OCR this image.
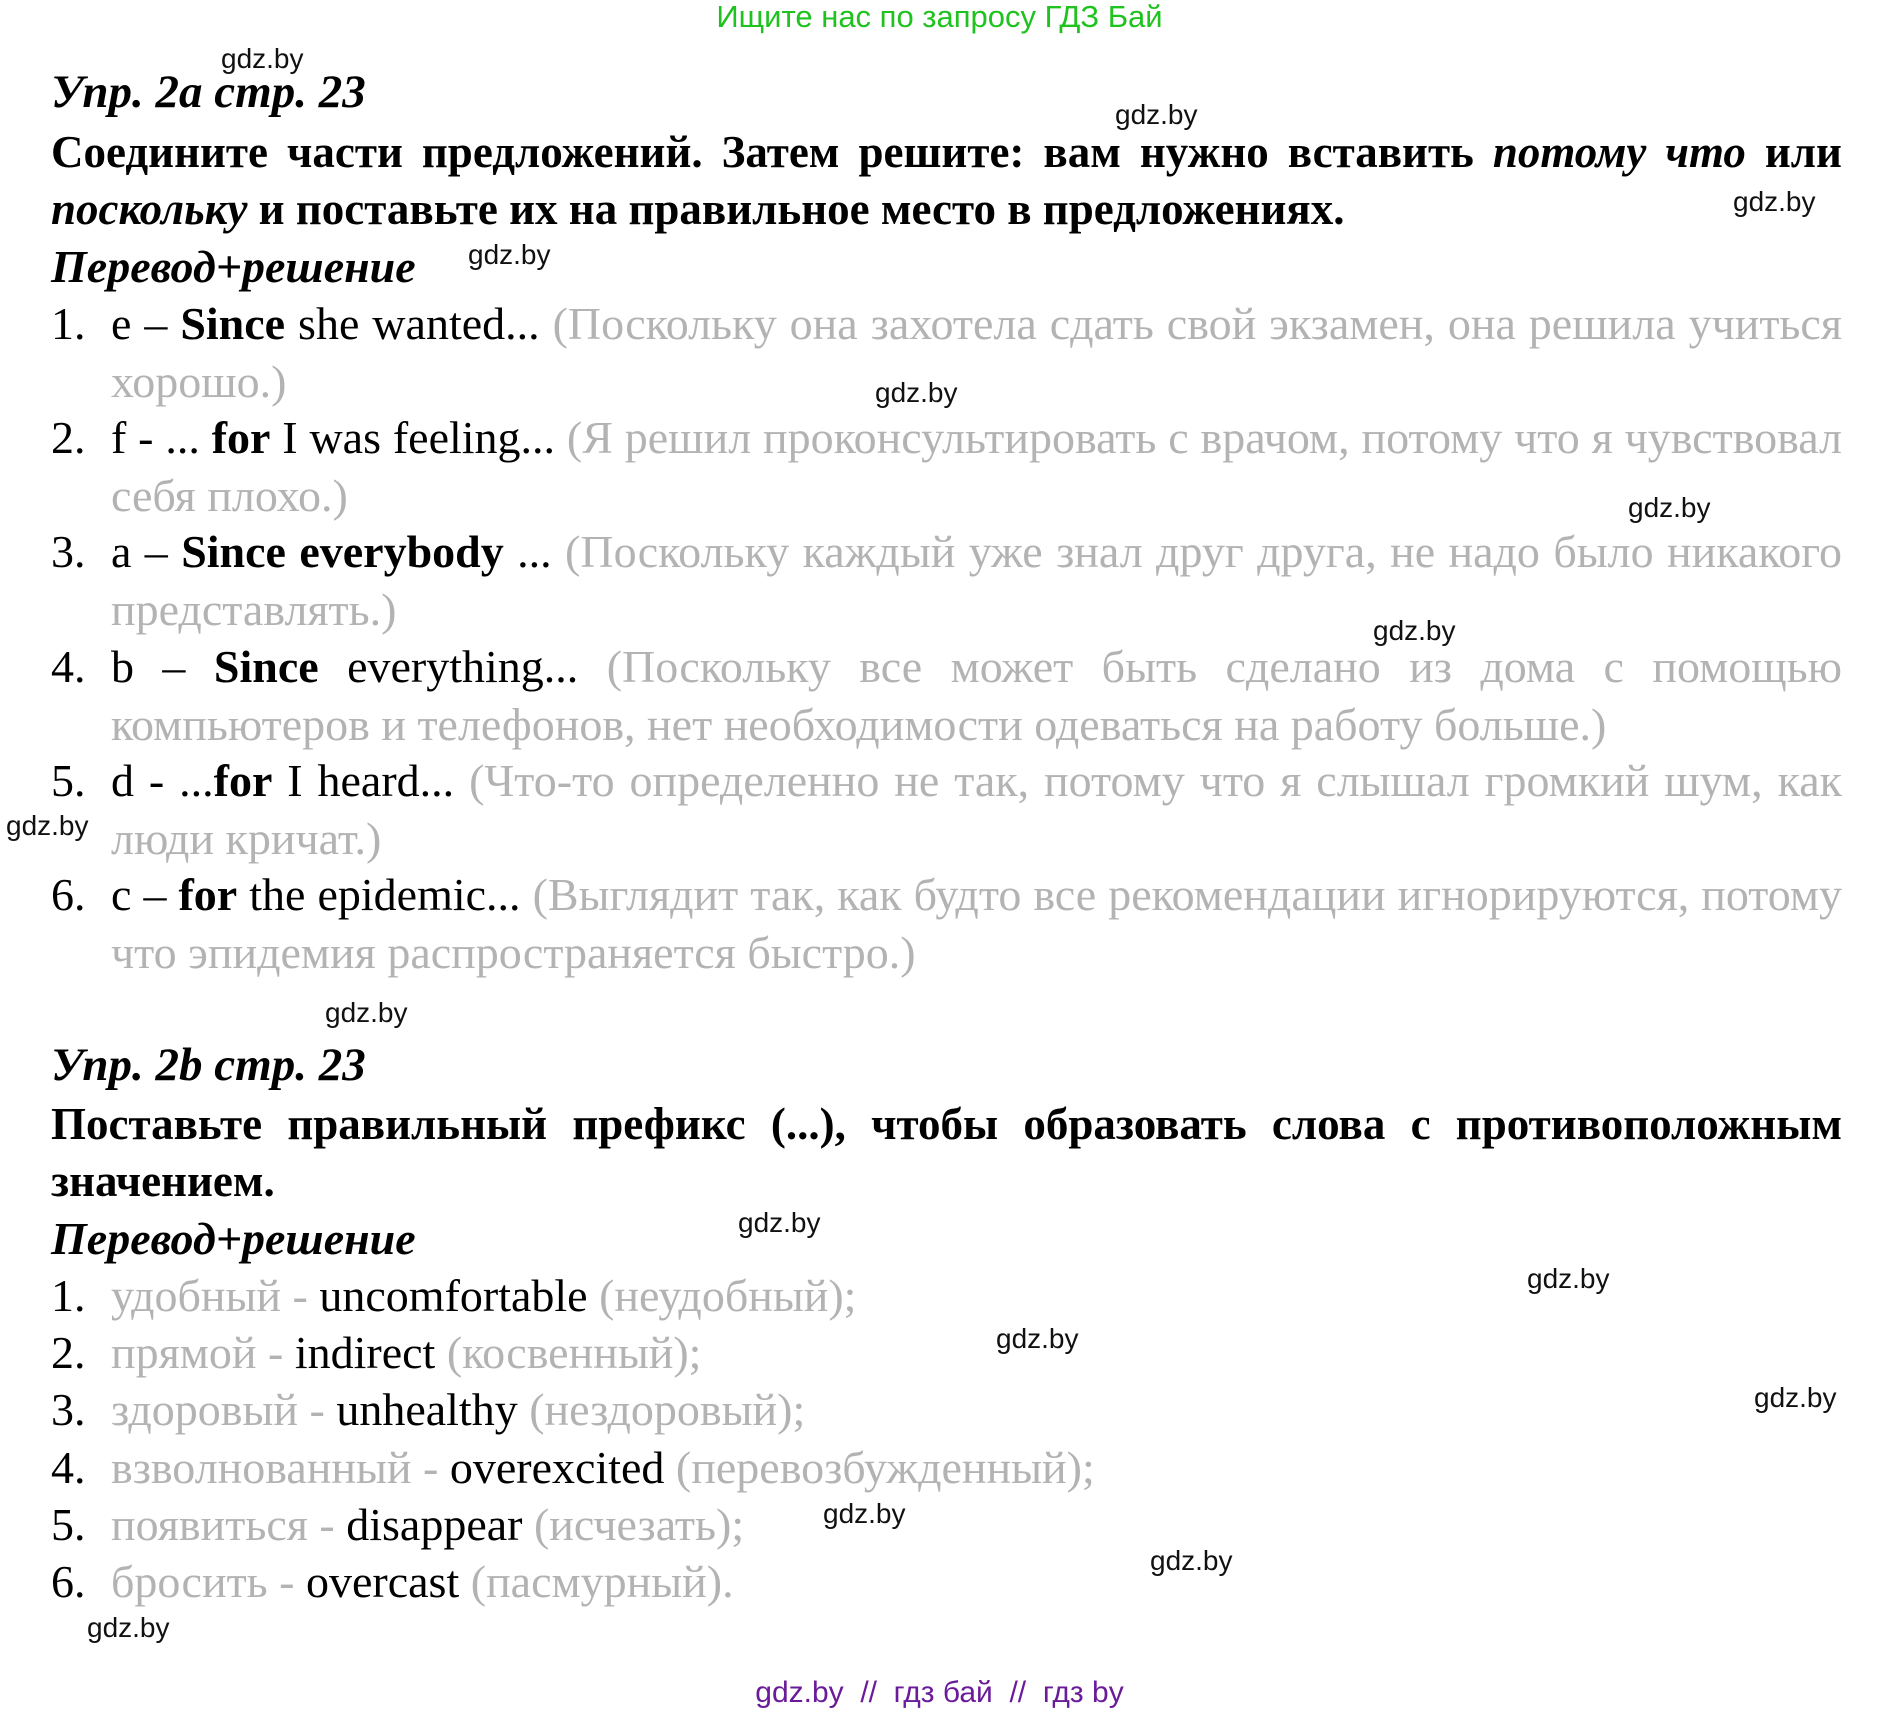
Ищите нас по запросу ГДЗ Бай
Упр. 2a стр. 23
Соедините части предложений. Затем решите: вам нужно вставить потому что или поскольку и поставьте их на правильное место в предложениях.
Перевод+решение
1. e – Since she wanted... (Поскольку она захотела сдать свой экзамен, она решила учиться хорошо.)
2. f - ... for I was feeling... (Я решил проконсультировать с врачом, потому что я чувствовал себя плохо.)
3. a – Since everybody ... (Поскольку каждый уже знал друг друга, не надо было никакого представлять.)
4. b – Since everything... (Поскольку все может быть сделано из дома с помощью компьютеров и телефонов, нет необходимости одеваться на работу больше.)
5. d - ...for I heard... (Что-то определенно не так, потому что я слышал громкий шум, как люди кричат.)
6. c – for the epidemic... (Выглядит так, как будто все рекомендации игнорируются, потому что эпидемия распространяется быстро.)
Упр. 2b стр. 23
Поставьте правильный префикс (...), чтобы образовать слова с противоположным значением.
Перевод+решение
1. удобный - uncomfortable (неудобный);
2. прямой - indirect (косвенный);
3. здоровый - unhealthy (нездоровый);
4. взволнованный - overexcited (перевозбужденный);
5. появиться - disappear (исчезать);
6. бросить - overcast (пасмурный).
gdz.by
gdz.by
gdz.by
gdz.by
gdz.by
gdz.by
gdz.by
gdz.by
gdz.by
gdz.by
gdz.by
gdz.by
gdz.by
gdz.by
gdz.by
gdz.by
gdz.by  //  гдз бай  //  гдз by
